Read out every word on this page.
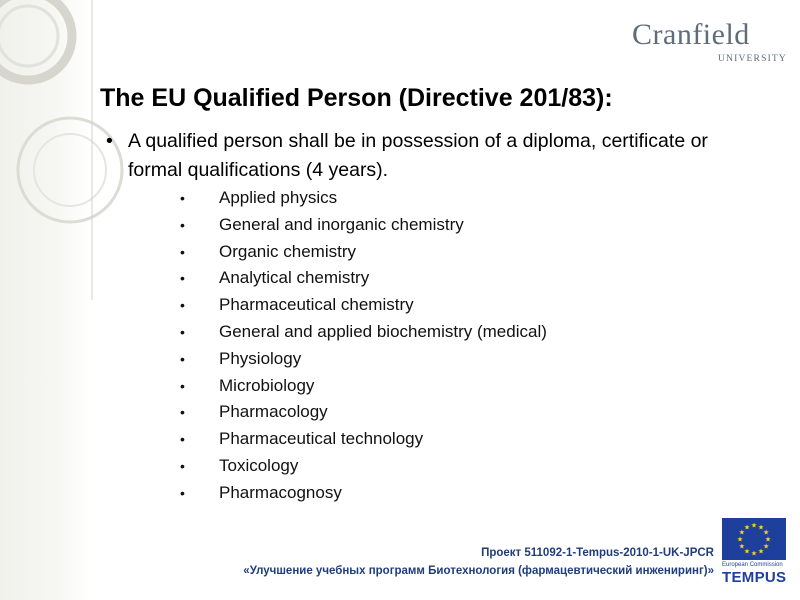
Cranfield
UNIVERSITY
The EU Qualified Person (Directive 201/83):
• A qualified person shall be in possession of a diploma, certificate or formal qualifications (4 years).
• Applied physics
• General and inorganic chemistry
• Organic chemistry
• Analytical chemistry
• Pharmaceutical chemistry
• General and applied biochemistry (medical)
• Physiology
• Microbiology
• Pharmacology
• Pharmaceutical technology
• Toxicology
• Pharmacognosy
Проект 511092-1-Tempus-2010-1-UK-JPCR
«Улучшение учебных программ Биотехнология (фармацевтический инжениринг)»
★ ★
★
★
★
★
★
★
★
★
★
★
European Commission
TEMPUS
